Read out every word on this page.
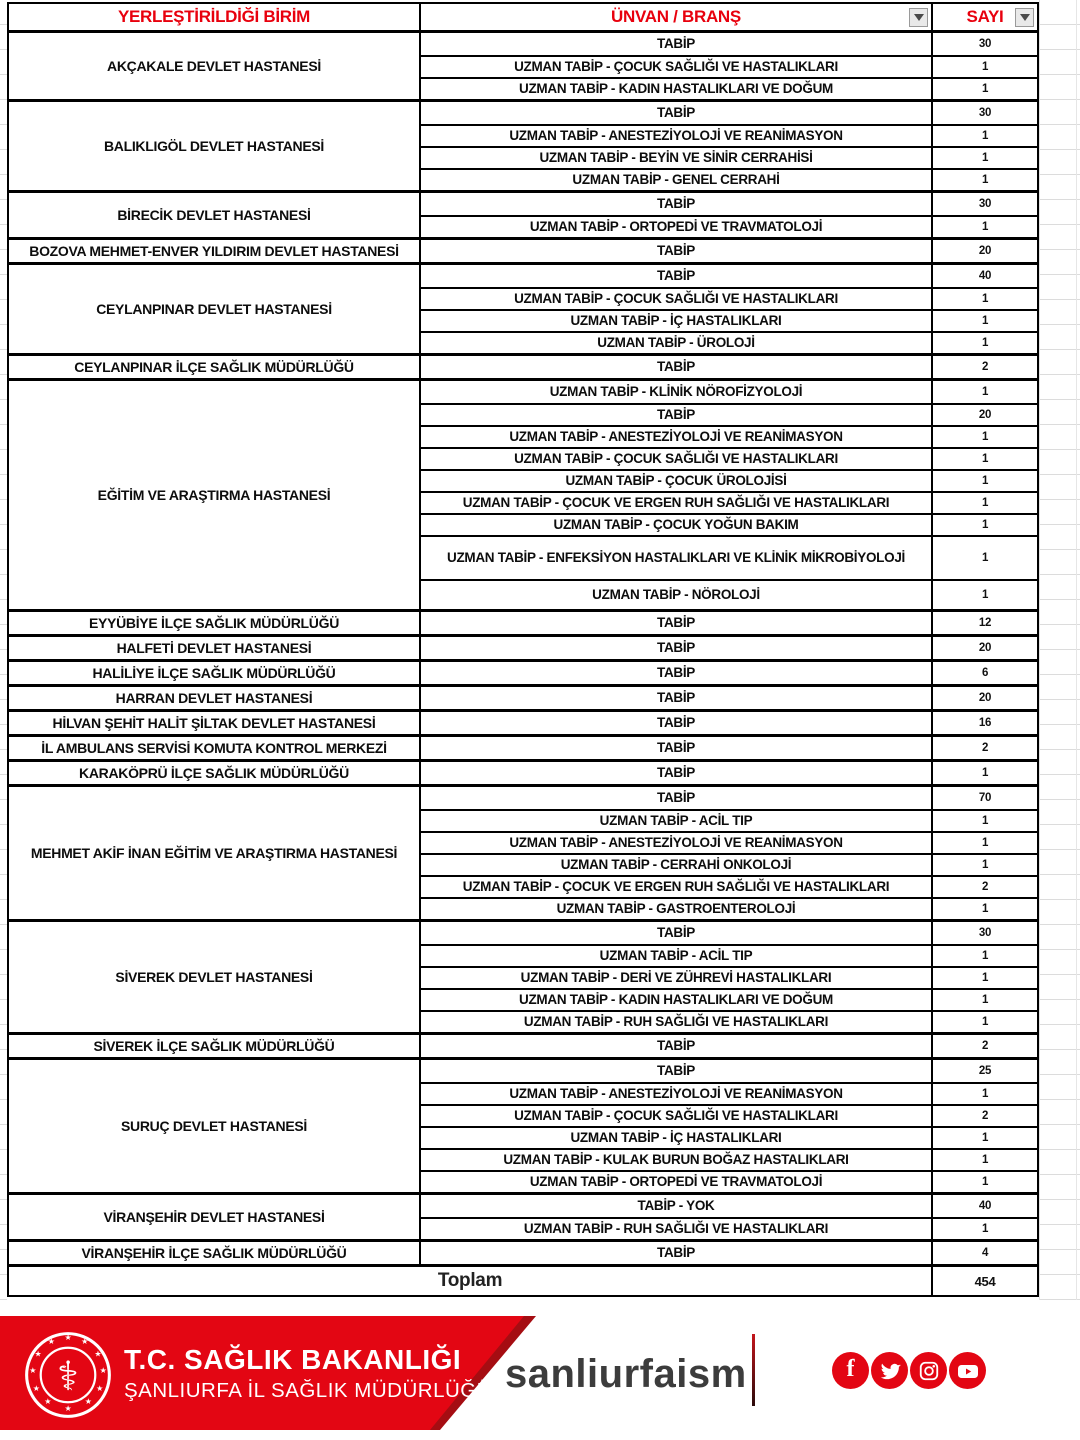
YERLEŞTİRİLDİĞİ BİRİM	ÜNVAN / BRANŞ	SAYI
AKÇAKALE DEVLET HASTANESİ
TABİP	30
UZMAN TABİP - ÇOCUK SAĞLIĞI VE HASTALIKLARI	1
UZMAN TABİP - KADIN HASTALIKLARI VE DOĞUM	1
BALIKLIGÖL DEVLET HASTANESİ
TABİP	30
UZMAN TABİP - ANESTEZİYOLOJİ VE REANİMASYON	1
UZMAN TABİP - BEYİN VE SİNİR CERRAHİSİ	1
UZMAN TABİP - GENEL CERRAHİ	1
BİRECİK DEVLET HASTANESİ
TABİP	30
UZMAN TABİP - ORTOPEDİ VE TRAVMATOLOJİ	1
BOZOVA MEHMET-ENVER YILDIRIM DEVLET HASTANESİ	TABİP	20
CEYLANPINAR DEVLET HASTANESİ
TABİP	40
UZMAN TABİP - ÇOCUK SAĞLIĞI VE HASTALIKLARI	1
UZMAN TABİP - İÇ HASTALIKLARI	1
UZMAN TABİP - ÜROLOJİ	1
CEYLANPINAR İLÇE SAĞLIK MÜDÜRLÜĞÜ	TABİP	2
EĞİTİM VE ARAŞTIRMA HASTANESİ
UZMAN TABİP - KLİNİK NÖROFİZYOLOJİ	1
TABİP	20
UZMAN TABİP - ANESTEZİYOLOJİ VE REANİMASYON	1
UZMAN TABİP - ÇOCUK SAĞLIĞI VE HASTALIKLARI	1
UZMAN TABİP - ÇOCUK ÜROLOJİSİ	1
UZMAN TABİP - ÇOCUK VE ERGEN RUH SAĞLIĞI VE HASTALIKLARI	1
UZMAN TABİP - ÇOCUK YOĞUN BAKIM	1
UZMAN TABİP - ENFEKSİYON HASTALIKLARI VE KLİNİK MİKROBİYOLOJİ	1
UZMAN TABİP - NÖROLOJİ	1
EYYÜBİYE İLÇE SAĞLIK MÜDÜRLÜĞÜ	TABİP	12
HALFETİ DEVLET HASTANESİ	TABİP	20
HALİLİYE İLÇE SAĞLIK MÜDÜRLÜĞÜ	TABİP	6
HARRAN DEVLET HASTANESİ	TABİP	20
HİLVAN ŞEHİT HALİT ŞİLTAK DEVLET HASTANESİ	TABİP	16
İL AMBULANS SERVİSİ KOMUTA KONTROL MERKEZİ	TABİP	2
KARAKÖPRÜ İLÇE SAĞLIK MÜDÜRLÜĞÜ	TABİP	1
MEHMET AKİF İNAN EĞİTİM VE ARAŞTIRMA HASTANESİ
TABİP	70
UZMAN TABİP - ACİL TIP	1
UZMAN TABİP - ANESTEZİYOLOJİ VE REANİMASYON	1
UZMAN TABİP - CERRAHİ ONKOLOJİ	1
UZMAN TABİP - ÇOCUK VE ERGEN RUH SAĞLIĞI VE HASTALIKLARI	2
UZMAN TABİP - GASTROENTEROLOJİ	1
SİVEREK DEVLET HASTANESİ
TABİP	30
UZMAN TABİP - ACİL TIP	1
UZMAN TABİP - DERİ VE ZÜHREVİ HASTALIKLARI	1
UZMAN TABİP - KADIN HASTALIKLARI VE DOĞUM	1
UZMAN TABİP - RUH SAĞLIĞI VE HASTALIKLARI	1
SİVEREK İLÇE SAĞLIK MÜDÜRLÜĞÜ	TABİP	2
SURUÇ DEVLET HASTANESİ
TABİP	25
UZMAN TABİP - ANESTEZİYOLOJİ VE REANİMASYON	1
UZMAN TABİP - ÇOCUK SAĞLIĞI VE HASTALIKLARI	2
UZMAN TABİP - İÇ HASTALIKLARI	1
UZMAN TABİP - KULAK BURUN BOĞAZ HASTALIKLARI	1
UZMAN TABİP - ORTOPEDİ VE TRAVMATOLOJİ	1
VİRANŞEHİR DEVLET HASTANESİ
TABİP - YOK	40
UZMAN TABİP - RUH SAĞLIĞI VE HASTALIKLARI	1
VİRANŞEHİR İLÇE SAĞLIK MÜDÜRLÜĞÜ	TABİP	4
Toplam	454
★ ★
★
★
★
★
★
★
★
★
★
★
⚕ T.C. SAĞLIK BAKANLIĞI
ŞANLIURFA İL SAĞLIK MÜDÜRLÜĞÜ sanliurfaism	f
